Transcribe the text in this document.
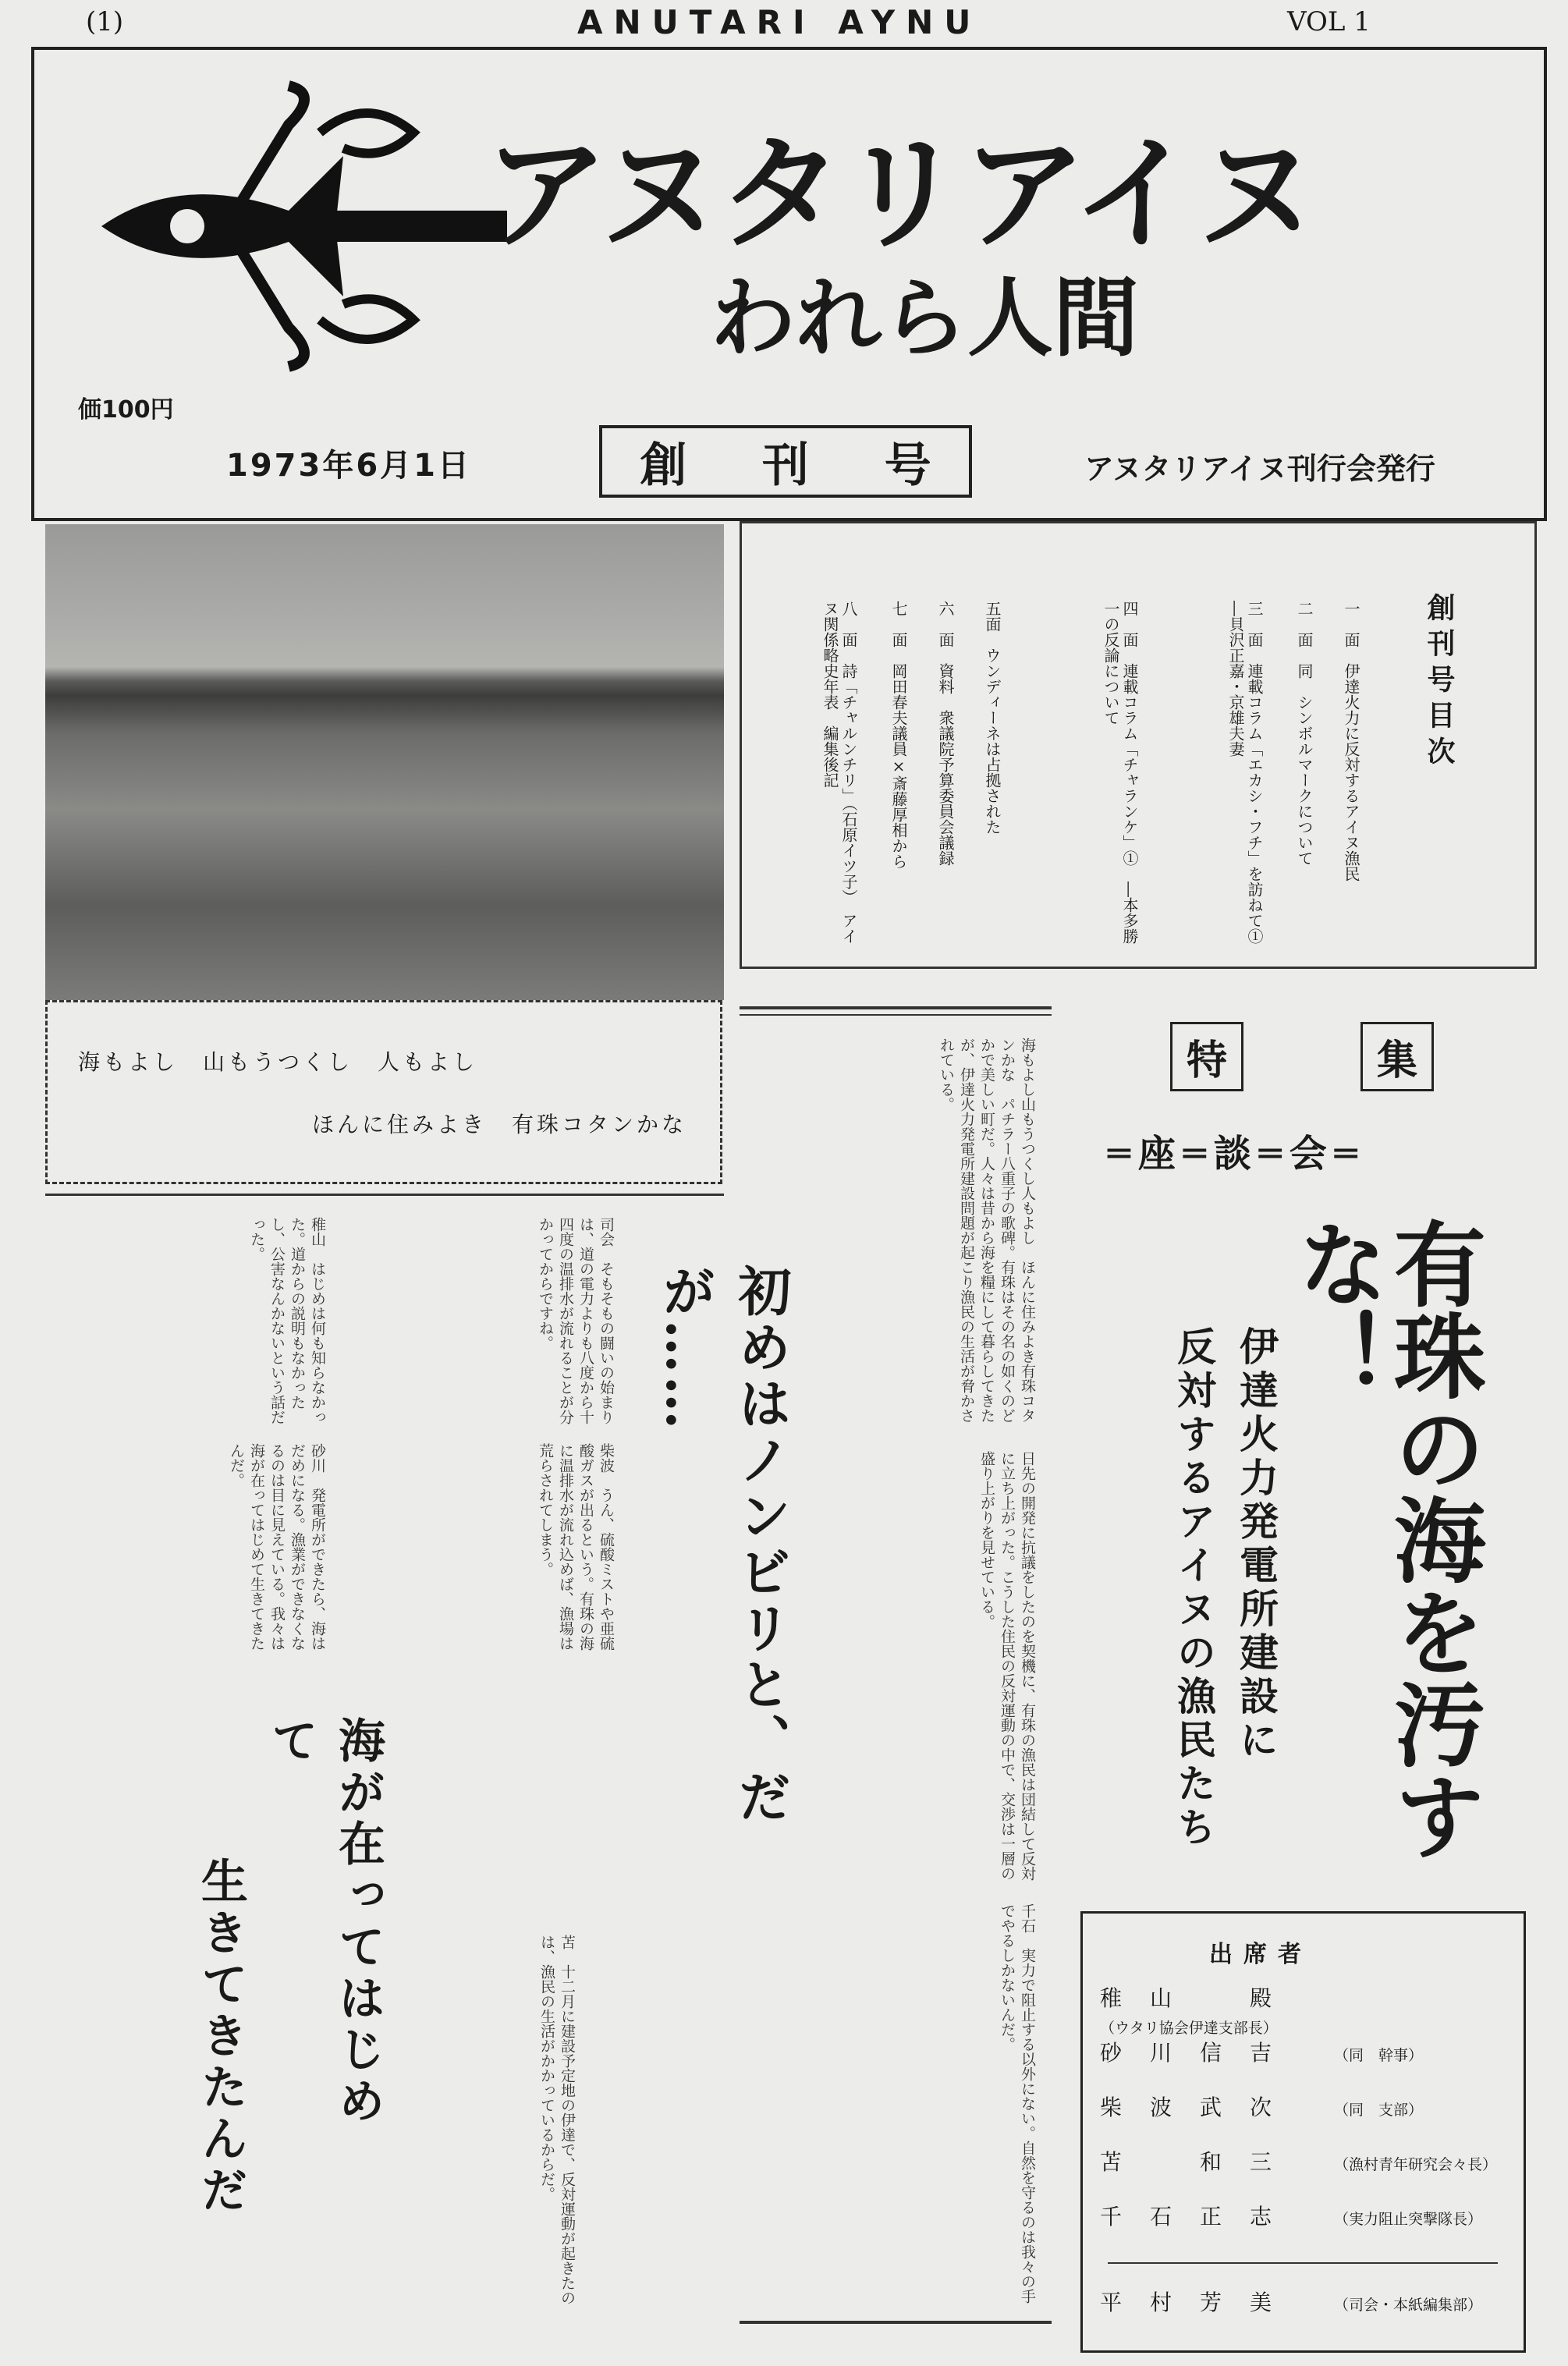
(1)	ANUTARI AYNU	VOL 1
アヌタリアイヌ
われら人間
価100円
1973年6月1日	創 刊 号	アヌタリアイヌ刊行会発行
海もよし　山もうつくし　人もよし
ほんに住みよき　有珠コタンかな
創刊号目次
一　面　伊達火力に反対するアイヌ漁民
二　面　同　シンボルマークについて
三　面　連載コラム「エカシ・フチ」を訪ねて①　―貝沢正嘉・京雄夫妻
四　面　連載コラム「チャランケ」①　―本多勝一の反論について
五面　ウンディーネは占拠された
六　面　資料　衆議院予算委員会議録
七　面　岡田春夫議員×斎藤厚相から
八　面　詩「チャルンチリ」（石原イツ子）　アイヌ関係略史年表　編集後記
特	集
═座═談═会═
有珠の海を汚すな！
伊達火力発電所建設に
反対するアイヌの漁民たち
出席者
稚山　殿（ウタリ協会伊達支部長）
砂川信吉 （同　幹事）
柴波武次 （同　支部）
苫　和三 （漁村青年研究会々長）
千石正志 （実力阻止突撃隊長）
平村芳美 （司会・本紙編集部）
初めはノンビリと、だが……
海が在ってはじめて
生きてきたんだ
海もよし山もうつくし人もよし　ほんに住みよき有珠コタンかな　パチラー八重子の歌碑。有珠はその名の如くのどかで美しい町だ。人々は昔から海を糧にして暮らしてきたが、伊達火力発電所建設問題が起こり漁民の生活が脅かされている。
日先の開発に抗議をしたのを契機に、有珠の漁民は団結して反対に立ち上がった。こうした住民の反対運動の中で、交渉は一層の盛り上がりを見せている。
千石　実力で阻止する以外にない。自然を守るのは我々の手でやるしかないんだ。
司会　そもそもの闘いの始まりは、道の電力よりも八度から十四度の温排水が流れることが分かってからですね。
柴波　うん、硫酸ミストや亜硫酸ガスが出るという。有珠の海に温排水が流れ込めば、漁場は荒らされてしまう。
苫　十二月に建設予定地の伊達で、反対運動が起きたのは、漁民の生活がかかっているからだ。
稚山　はじめは何も知らなかった。道からの説明もなかったし、公害なんかないという話だった。
砂川　発電所ができたら、海はだめになる。漁業ができなくなるのは目に見えている。我々は海が在ってはじめて生きてきたんだ。
